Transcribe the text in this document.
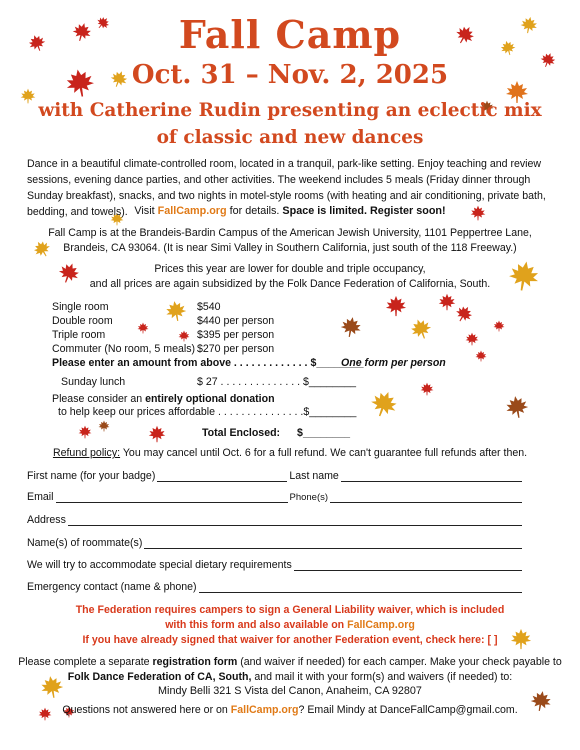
Fall Camp
Oct. 31 – Nov. 2, 2025
with Catherine Rudin presenting an eclectic mix
of classic and new dances
Dance in a beautiful climate-controlled room, located in a tranquil, park-like setting. Enjoy teaching and review sessions, evening dance parties, and other activities. The weekend includes 5 meals (Friday dinner through Sunday breakfast), snacks, and two nights in motel-style rooms (with heating and air conditioning, private bath, bedding, and towels). Visit FallCamp.org for details. Space is limited. Register soon!
Fall Camp is at the Brandeis-Bardin Campus of the American Jewish University, 1101 Peppertree Lane,
Brandeis, CA 93064. (It is near Simi Valley in Southern California, just south of the 118 Freeway.)
Prices this year are lower for double and triple occupancy,
and all prices are again subsidized by the Folk Dance Federation of California, South.
Single room	$540
Double room	$440 per person
Triple room	$395 per person
Commuter (No room, 5 meals) $270 per person
Please enter an amount from above . . . . . . . . . . . . . $________
One form per person
Sunday lunch	$ 27 . . . . . . . . . . . . . . $________
Please consider an entirely optional donation
to help keep our prices affordable . . . . . . . . . . . . . . .$________
Total Enclosed: $________
Refund policy: You may cancel until Oct. 6 for a full refund. We can't guarantee full refunds after then.
First name (for your badge)	Last name
Email	Phone(s)
Address
Name(s) of roommate(s)
We will try to accommodate special dietary requirements
Emergency contact (name & phone)
The Federation requires campers to sign a General Liability waiver, which is included
with this form and also available on FallCamp.org
If you have already signed that waiver for another Federation event, check here: [ ]
Please complete a separate registration form (and waiver if needed) for each camper. Make your check payable to
Folk Dance Federation of CA, South, and mail it with your form(s) and waivers (if needed) to:
Mindy Belli 321 S Vista del Canon, Anaheim, CA 92807
Questions not answered here or on FallCamp.org? Email Mindy at DanceFallCamp@gmail.com.
